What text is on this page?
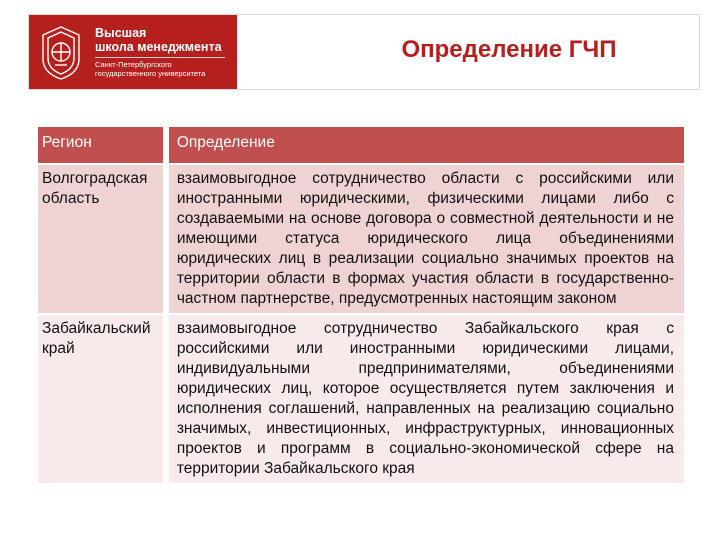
Высшая
школа менеджмента
Санкт-Петербургского
государственного университета
Определение ГЧП
Регион	Определение
Волгоградская область
взаимовыгодное сотрудничество области с российскими или иностранными юридическими, физическими лицами либо с создаваемыми на основе договора о совместной деятельности и не имеющими статуса юридического лица объединениями юридических лиц в реализации социально значимых проектов на территории области в формах участия области в государственно-частном партнерстве, предусмотренных настоящим законом
Забайкальский край
взаимовыгодное сотрудничество Забайкальского края с российскими или иностранными юридическими лицами, индивидуальными предпринимателями, объединениями юридических лиц, которое осуществляется путем заключения и исполнения соглашений, направленных на реализацию социально значимых, инвестиционных, инфраструктурных, инновационных проектов и программ в социально-экономической сфере на территории Забайкальского края
